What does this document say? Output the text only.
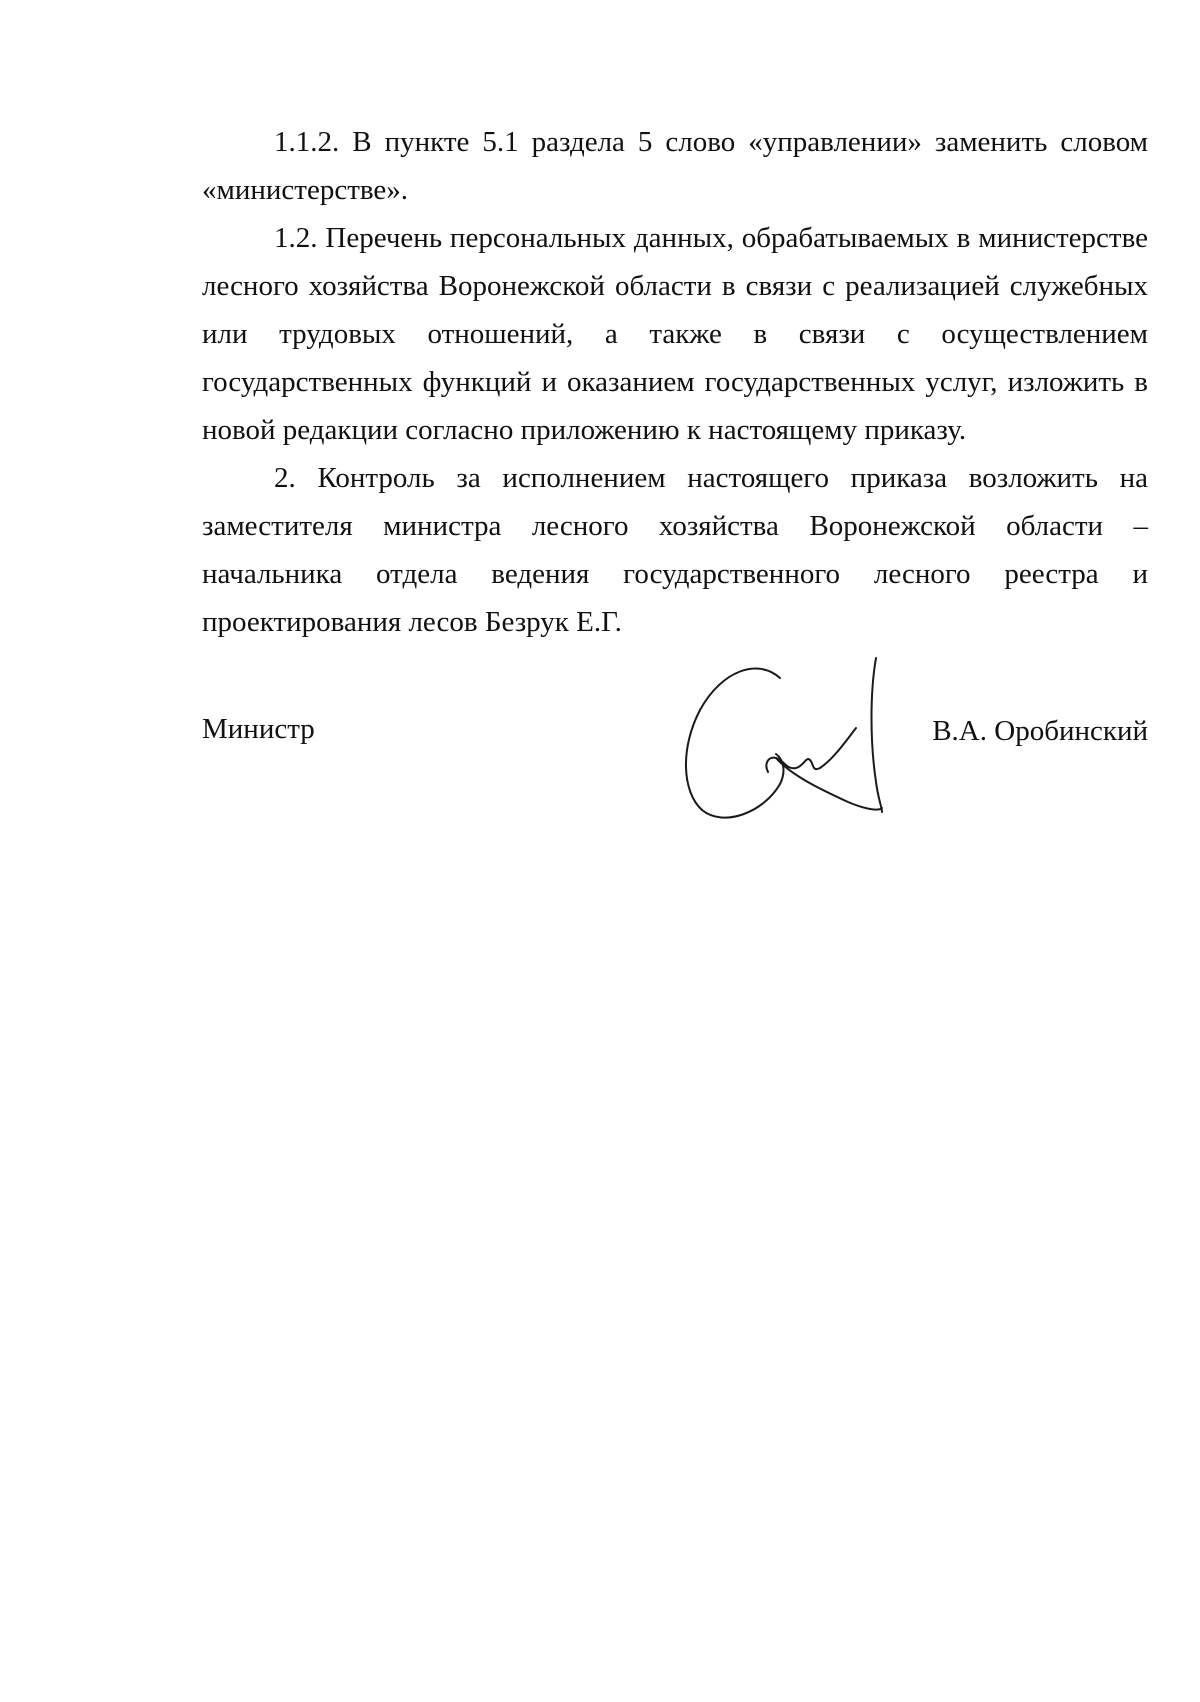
1.1.2. В пункте 5.1 раздела 5 слово «управлении» заменить словом «министерстве».

1.2. Перечень персональных данных, обрабатываемых в министерстве лесного хозяйства Воронежской области в связи с реализацией служебных или трудовых отношений, а также в связи с осуществлением государственных функций и оказанием государственных услуг, изложить в новой редакции согласно приложению к настоящему приказу.

2. Контроль за исполнением настоящего приказа возложить на заместителя министра лесного хозяйства Воронежской области – начальника отдела ведения государственного лесного реестра и проектирования лесов Безрук Е.Г.

Министр	В.А. Оробинский
